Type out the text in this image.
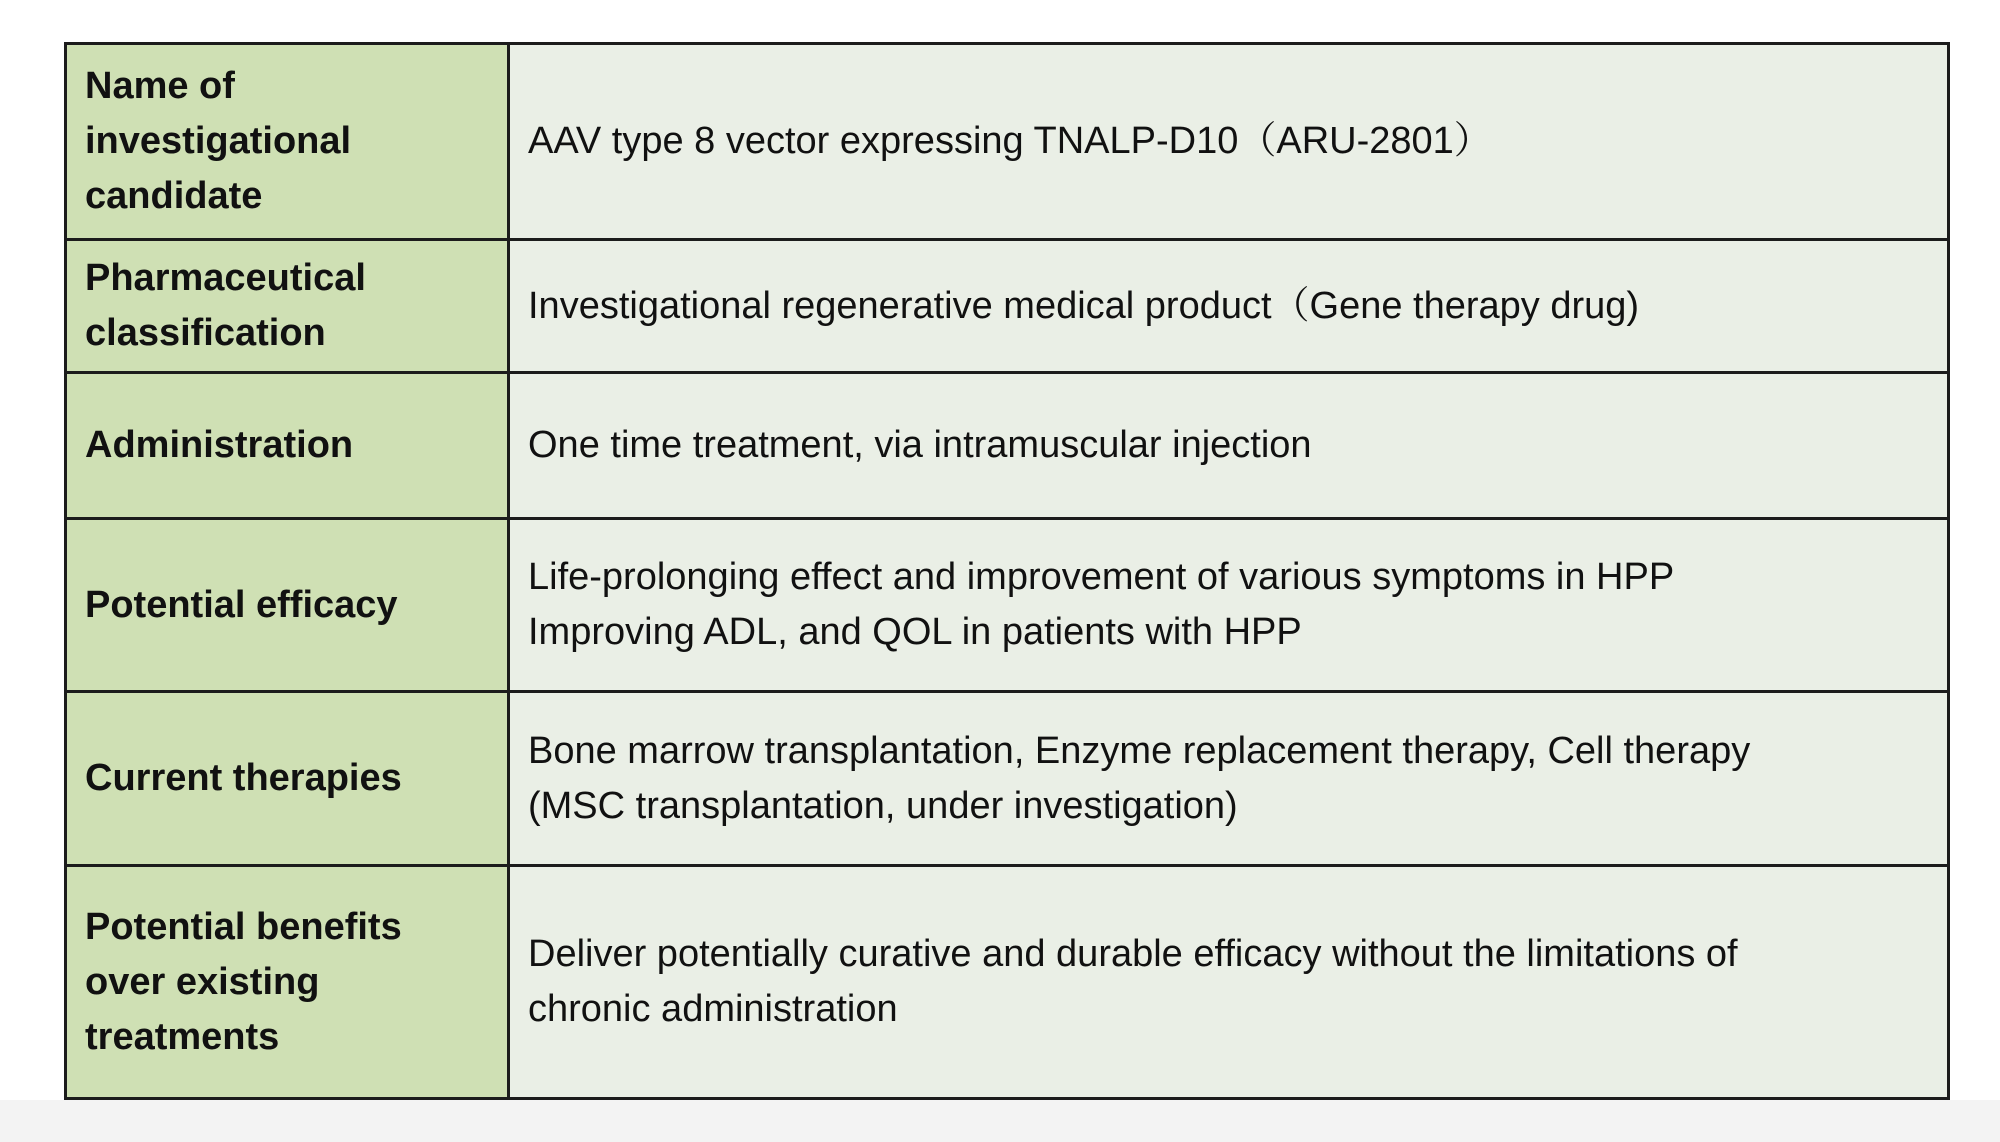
Name of investigational candidate	AAV type 8 vector expressing TNALP-D10（ARU-2801）

Pharmaceutical classification	Investigational regenerative medical product（Gene therapy drug)

Administration	One time treatment, via intramuscular injection

Potential efficacy	Life-prolonging effect and improvement of various symptoms in HPP
Improving ADL, and QOL in patients with HPP

Current therapies	Bone marrow transplantation, Enzyme replacement therapy, Cell therapy
(MSC transplantation, under investigation)

Potential benefits over existing treatments	Deliver potentially curative and durable efficacy without the limitations of
chronic administration
